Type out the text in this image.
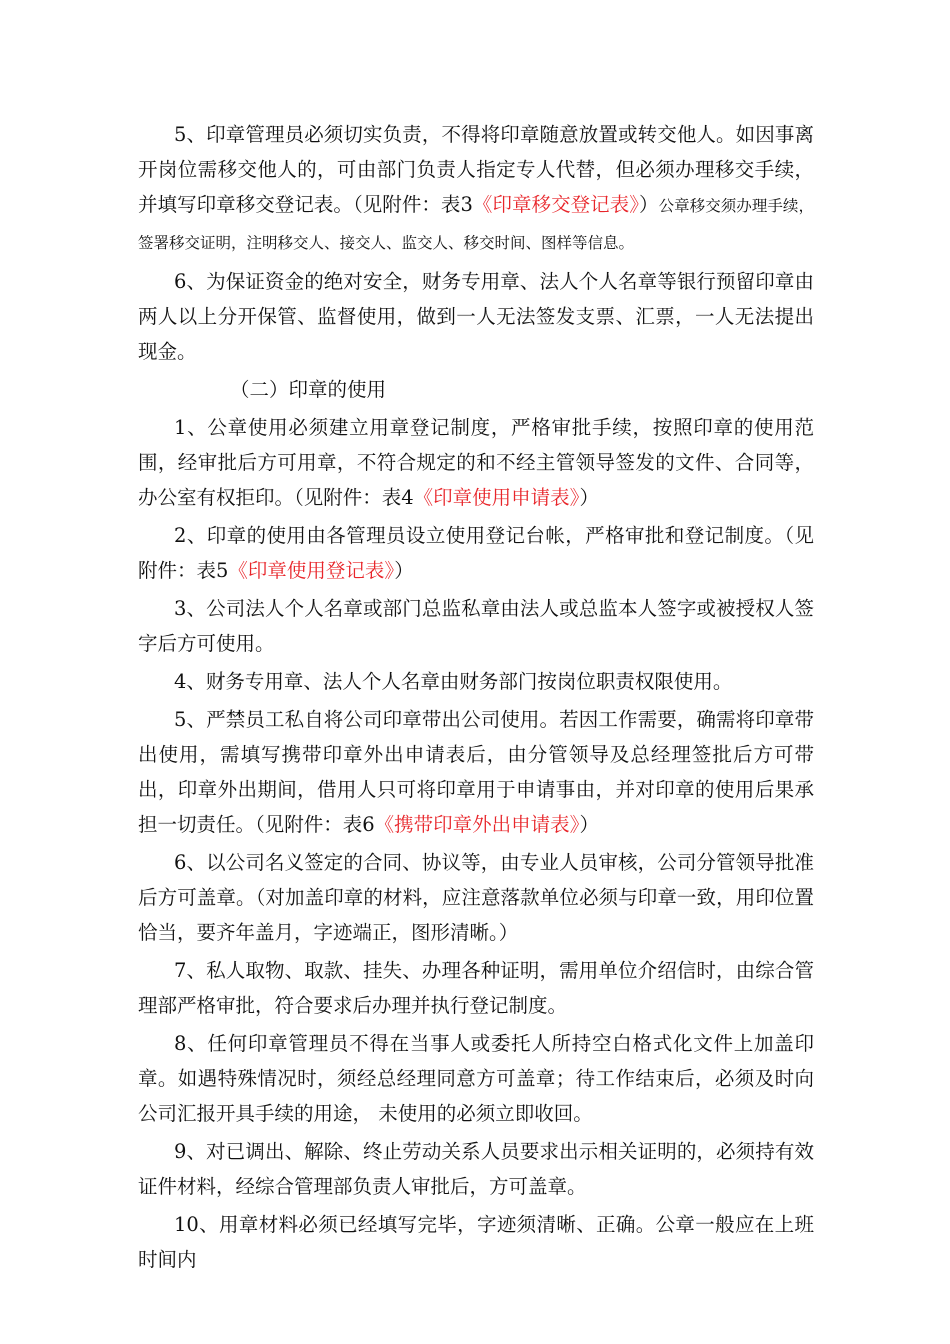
5、印章管理员必须切实负责，不得将印章随意放置或转交他人。如因事离开岗位需移交他人的，可由部门负责人指定专人代替，但必须办理移交手续，并填写印章移交登记表。（见附件：表3《印章移交登记表》）公章移交须办理手续，签署移交证明，注明移交人、接交人、监交人、移交时间、图样等信息。

6、为保证资金的绝对安全，财务专用章、法人个人名章等银行预留印章由两人以上分开保管、监督使用，做到一人无法签发支票、汇票，一人无法提出现金。

（二）印章的使用

1、公章使用必须建立用章登记制度，严格审批手续，按照印章的使用范围，经审批后方可用章，不符合规定的和不经主管领导签发的文件、合同等，办公室有权拒印。（见附件：表4《印章使用申请表》）

2、印章的使用由各管理员设立使用登记台帐，严格审批和登记制度。（见附件：表5《印章使用登记表》）

3、公司法人个人名章或部门总监私章由法人或总监本人签字或被授权人签字后方可使用。

4、财务专用章、法人个人名章由财务部门按岗位职责权限使用。

5、严禁员工私自将公司印章带出公司使用。若因工作需要，确需将印章带出使用，需填写携带印章外出申请表后，由分管领导及总经理签批后方可带出，印章外出期间，借用人只可将印章用于申请事由，并对印章的使用后果承担一切责任。（见附件：表6《携带印章外出申请表》）

6、以公司名义签定的合同、协议等，由专业人员审核，公司分管领导批准后方可盖章。（对加盖印章的材料，应注意落款单位必须与印章一致，用印位置恰当，要齐年盖月，字迹端正，图形清晰。）

7、私人取物、取款、挂失、办理各种证明，需用单位介绍信时，由综合管理部严格审批，符合要求后办理并执行登记制度。

8、任何印章管理员不得在当事人或委托人所持空白格式化文件上加盖印章。如遇特殊情况时，须经总经理同意方可盖章；待工作结束后，必须及时向公司汇报开具手续的用途， 未使用的必须立即收回。

9、对已调出、解除、终止劳动关系人员要求出示相关证明的，必须持有效证件材料，经综合管理部负责人审批后，方可盖章。

10、用章材料必须已经填写完毕，字迹须清晰、正确。公章一般应在上班时间内
